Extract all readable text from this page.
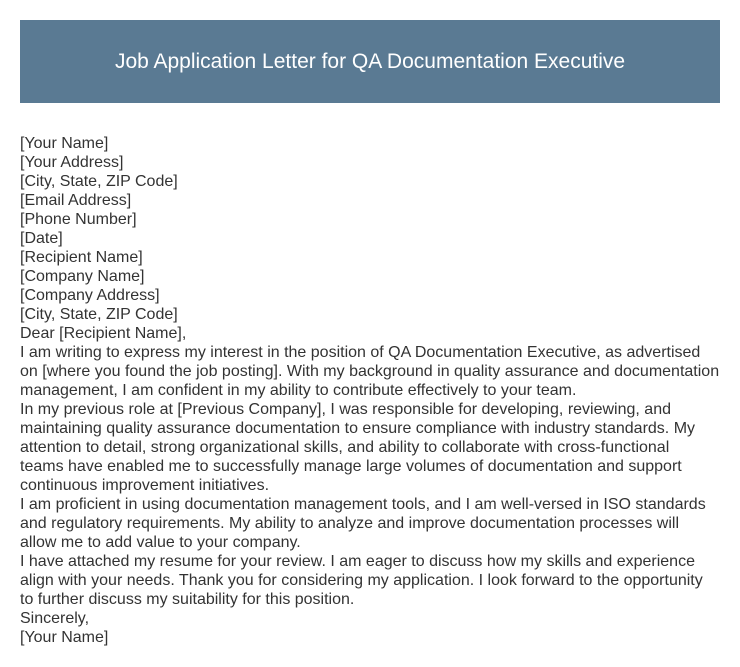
Job Application Letter for QA Documentation Executive
[Your Name]
[Your Address]
[City, State, ZIP Code]
[Email Address]
[Phone Number]
[Date]
[Recipient Name]
[Company Name]
[Company Address]
[City, State, ZIP Code]
Dear [Recipient Name],
I am writing to express my interest in the position of QA Documentation Executive, as advertised
on [where you found the job posting]. With my background in quality assurance and documentation
management, I am confident in my ability to contribute effectively to your team.
In my previous role at [Previous Company], I was responsible for developing, reviewing, and
maintaining quality assurance documentation to ensure compliance with industry standards. My
attention to detail, strong organizational skills, and ability to collaborate with cross-functional
teams have enabled me to successfully manage large volumes of documentation and support
continuous improvement initiatives.
I am proficient in using documentation management tools, and I am well-versed in ISO standards
and regulatory requirements. My ability to analyze and improve documentation processes will
allow me to add value to your company.
I have attached my resume for your review. I am eager to discuss how my skills and experience
align with your needs. Thank you for considering my application. I look forward to the opportunity
to further discuss my suitability for this position.
Sincerely,
[Your Name]
